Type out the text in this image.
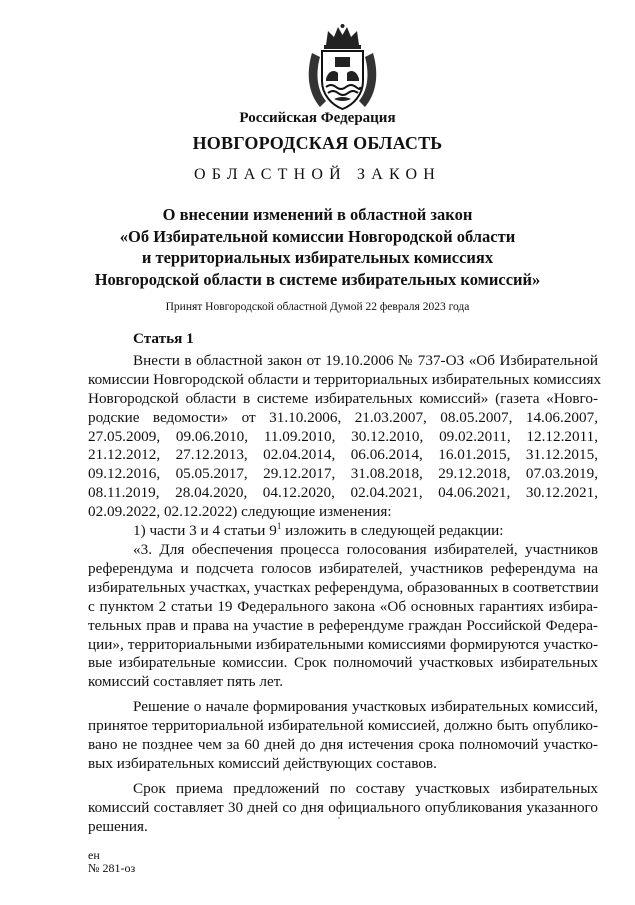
Российская Федерация
НОВГОРОДСКАЯ ОБЛАСТЬ
ОБЛАСТНОЙ ЗАКОН
О внесении изменений в областной закон
«Об Избирательной комиссии Новгородской области
и территориальных избирательных комиссиях
Новгородской области в системе избирательных комиссий»
Принят Новгородской областной Думой 22 февраля 2023 года
Статья 1
Внести в областной закон от 19.10.2006 № 737-ОЗ «Об Избирательной
комиссии Новгородской области и территориальных избирательных комиссиях
Новгородской области в системе избирательных комиссий» (газета «Новго-
родские ведомости» от 31.10.2006, 21.03.2007, 08.05.2007, 14.06.2007,
27.05.2009, 09.06.2010, 11.09.2010, 30.12.2010, 09.02.2011, 12.12.2011,
21.12.2012, 27.12.2013, 02.04.2014, 06.06.2014, 16.01.2015, 31.12.2015,
09.12.2016, 05.05.2017, 29.12.2017, 31.08.2018, 29.12.2018, 07.03.2019,
08.11.2019, 28.04.2020, 04.12.2020, 02.04.2021, 04.06.2021, 30.12.2021,
02.09.2022, 02.12.2022) следующие изменения:
1) части 3 и 4 статьи $9^1$ изложить в следующей редакции:
«3. Для обеспечения процесса голосования избирателей, участников
референдума и подсчета голосов избирателей, участников референдума на
избирательных участках, участках референдума, образованных в соответствии
с пунктом 2 статьи 19 Федерального закона «Об основных гарантиях избира-
тельных прав и права на участие в референдуме граждан Российской Федера-
ции», территориальными избирательными комиссиями формируются участко-
вые избирательные комиссии. Срок полномочий участковых избирательных
комиссий составляет пять лет.
Решение о начале формирования участковых избирательных комиссий,
принятое территориальной избирательной комиссией, должно быть опублико-
вано не позднее чем за 60 дней до дня истечения срока полномочий участко-
вых избирательных комиссий действующих составов.
Срок приема предложений по составу участковых избирательных
комиссий составляет 30 дней со дня официального опубликования указанного
решения.
ен
№ 281-оз
